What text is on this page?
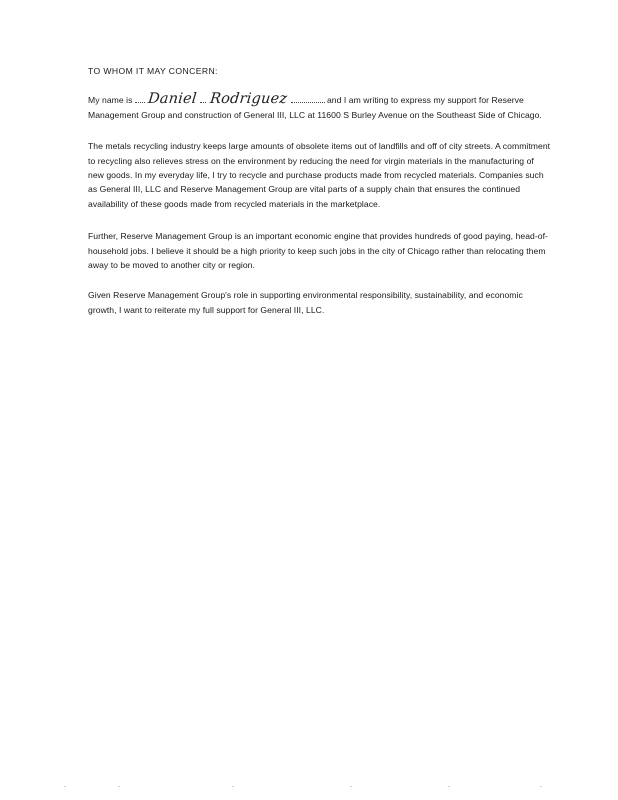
TO WHOM IT MAY CONCERN:
My name is Daniel Rodriguez	and I am writing to express my support for Reserve Management Group and construction of General III, LLC at 11600 S Burley Avenue on the Southeast Side of Chicago.
The metals recycling industry keeps large amounts of obsolete items out of landfills and off of city streets. A commitment to recycling also relieves stress on the environment by reducing the need for virgin materials in the manufacturing of new goods. In my everyday life, I try to recycle and purchase products made from recycled materials. Companies such as General III, LLC and Reserve Management Group are vital parts of a supply chain that ensures the continued availability of these goods made from recycled materials in the marketplace.
Further, Reserve Management Group is an important economic engine that provides hundreds of good paying, head-of-household jobs. I believe it should be a high priority to keep such jobs in the city of Chicago rather than relocating them away to be moved to another city or region.
Given Reserve Management Group's role in supporting environmental responsibility, sustainability, and economic growth, I want to reiterate my full support for General III, LLC.
